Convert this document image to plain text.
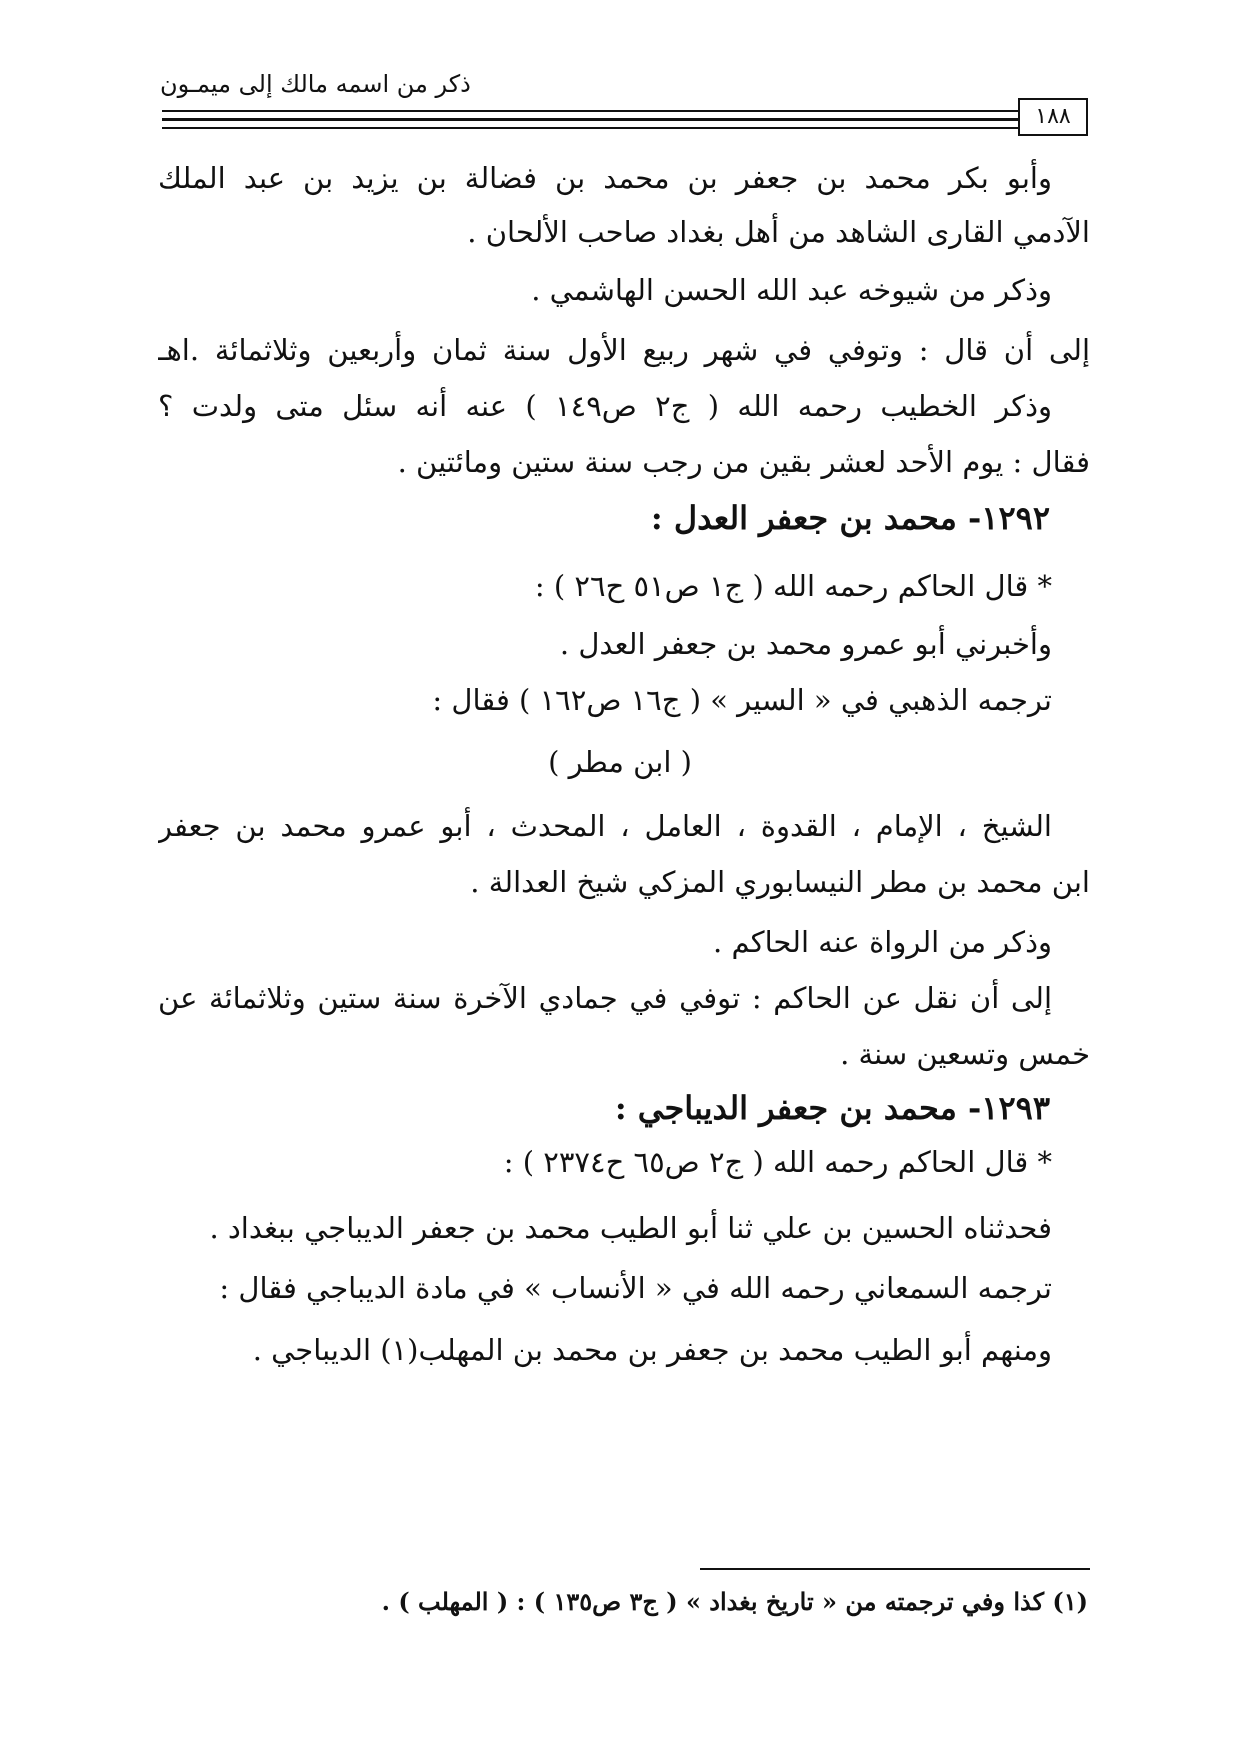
ذكر من اسمه مالك إلى ميمـون
١٨٨
وأبو بكر محمد بن جعفر بن محمد بن فضالة بن يزيد بن عبد الملك
الآدمي القارى الشاهد من أهل بغداد صاحب الألحان .
وذكر من شيوخه عبد الله الحسن الهاشمي .
إلى أن قال : وتوفي في شهر ربيع الأول سنة ثمان وأربعين وثلاثمائة .اهـ
وذكر الخطيب رحمه الله ( ج٢ ص١٤٩ ) عنه أنه سئل متى ولدت ؟
فقال : يوم الأحد لعشر بقين من رجب سنة ستين ومائتين .
١٢٩٢- محمد بن جعفر العدل :
* قال الحاكم رحمه الله ( ج١ ص٥١ ح٢٦ ) :
وأخبرني أبو عمرو محمد بن جعفر العدل .
ترجمه الذهبي في « السير » ( ج١٦ ص١٦٢ ) فقال :
( ابن مطر )
الشيخ ، الإمام ، القدوة ، العامل ، المحدث ، أبو عمرو محمد بن جعفر
ابن محمد بن مطر النيسابوري المزكي شيخ العدالة .
وذكر من الرواة عنه الحاكم .
إلى أن نقل عن الحاكم : توفي في جمادي الآخرة سنة ستين وثلاثمائة عن
خمس وتسعين سنة .
١٢٩٣- محمد بن جعفر الديباجي :
* قال الحاكم رحمه الله ( ج٢ ص٦٥ ح٢٣٧٤ ) :
فحدثناه الحسين بن علي ثنا أبو الطيب محمد بن جعفر الديباجي ببغداد .
ترجمه السمعاني رحمه الله في « الأنساب » في مادة الديباجي فقال :
ومنهم أبو الطيب محمد بن جعفر بن محمد بن المهلب(١) الديباجي .
(١) كذا وفي ترجمته من « تاريخ بغداد » ( ج٣ ص١٣٥ ) : ( المهلب ) .
